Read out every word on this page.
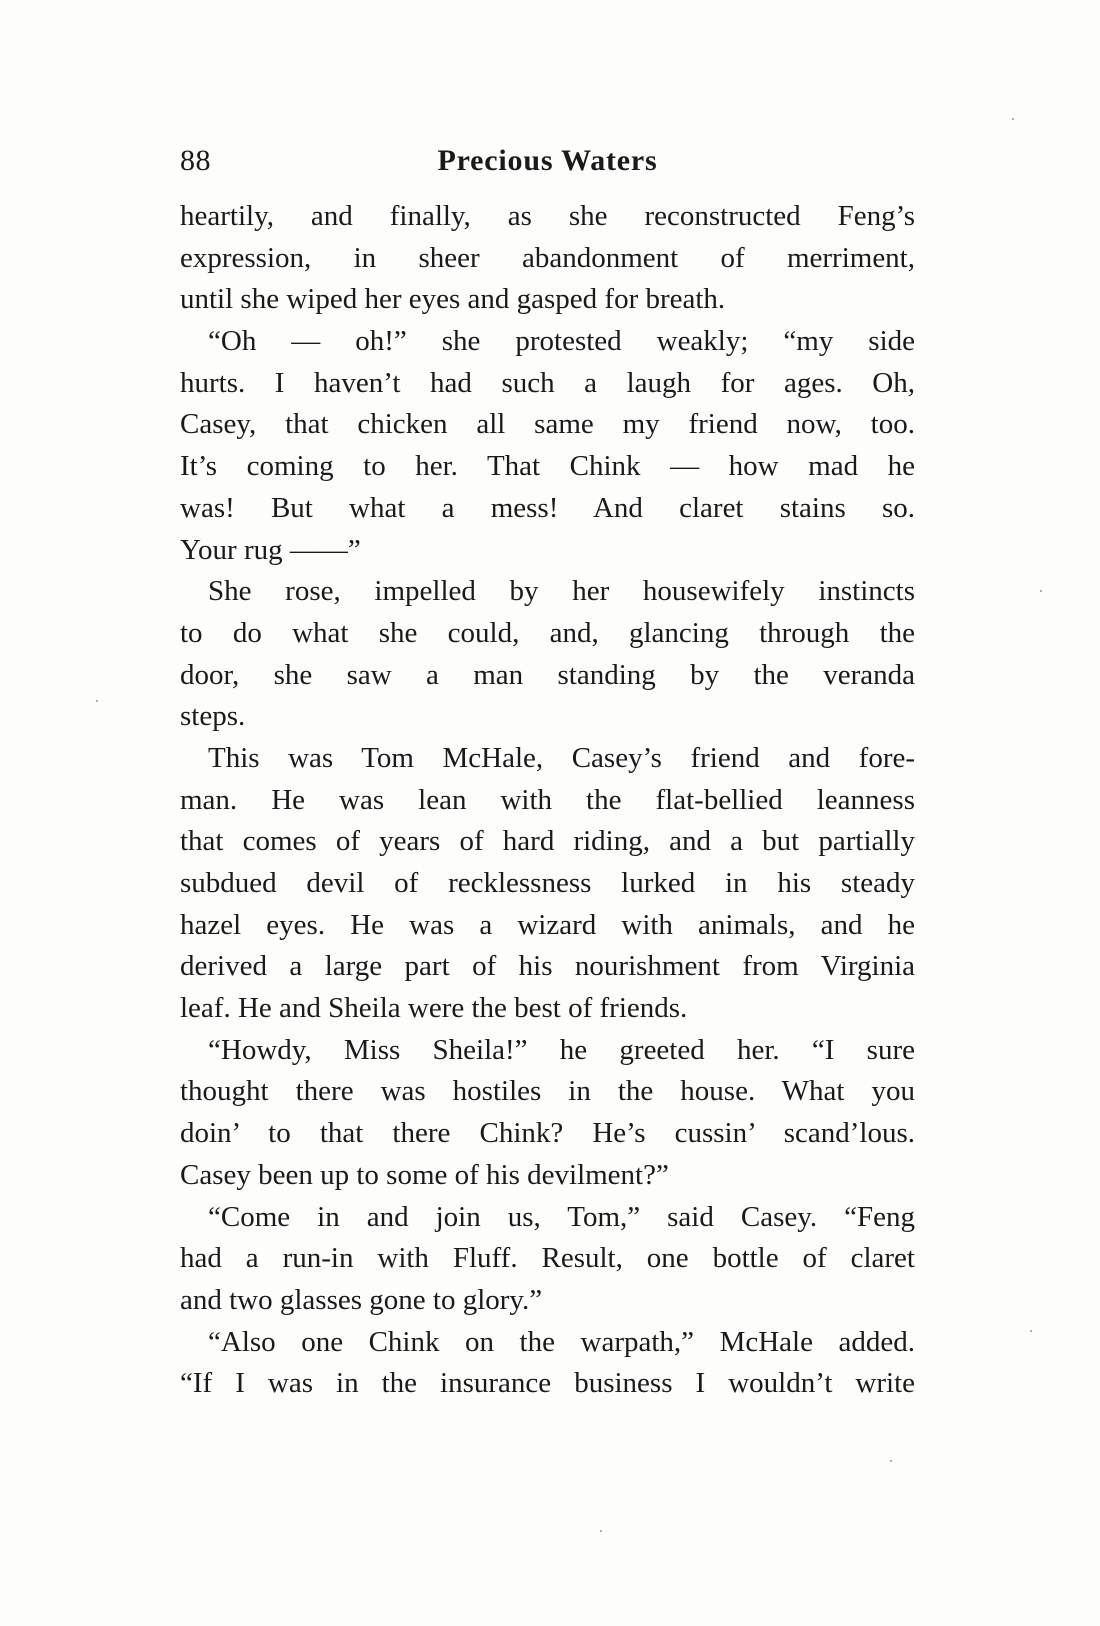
88	Precious Waters
heartily, and finally, as she reconstructed Feng’s
expression, in sheer abandonment of merriment,
until she wiped her eyes and gasped for breath.
“Oh — oh!” she protested weakly; “my side
hurts. I haven’t had such a laugh for ages. Oh,
Casey, that chicken all same my friend now, too.
It’s coming to her. That Chink — how mad he
was! But what a mess! And claret stains so.
Your rug ——”
She rose, impelled by her housewifely instincts
to do what she could, and, glancing through the
door, she saw a man standing by the veranda
steps.
This was Tom McHale, Casey’s friend and fore-
man. He was lean with the flat-bellied leanness
that comes of years of hard riding, and a but partially
subdued devil of recklessness lurked in his steady
hazel eyes. He was a wizard with animals, and he
derived a large part of his nourishment from Virginia
leaf. He and Sheila were the best of friends.
“Howdy, Miss Sheila!” he greeted her. “I sure
thought there was hostiles in the house. What you
doin’ to that there Chink? He’s cussin’ scand’lous.
Casey been up to some of his devilment?”
“Come in and join us, Tom,” said Casey. “Feng
had a run-in with Fluff. Result, one bottle of claret
and two glasses gone to glory.”
“Also one Chink on the warpath,” McHale added.
“If I was in the insurance business I wouldn’t write
